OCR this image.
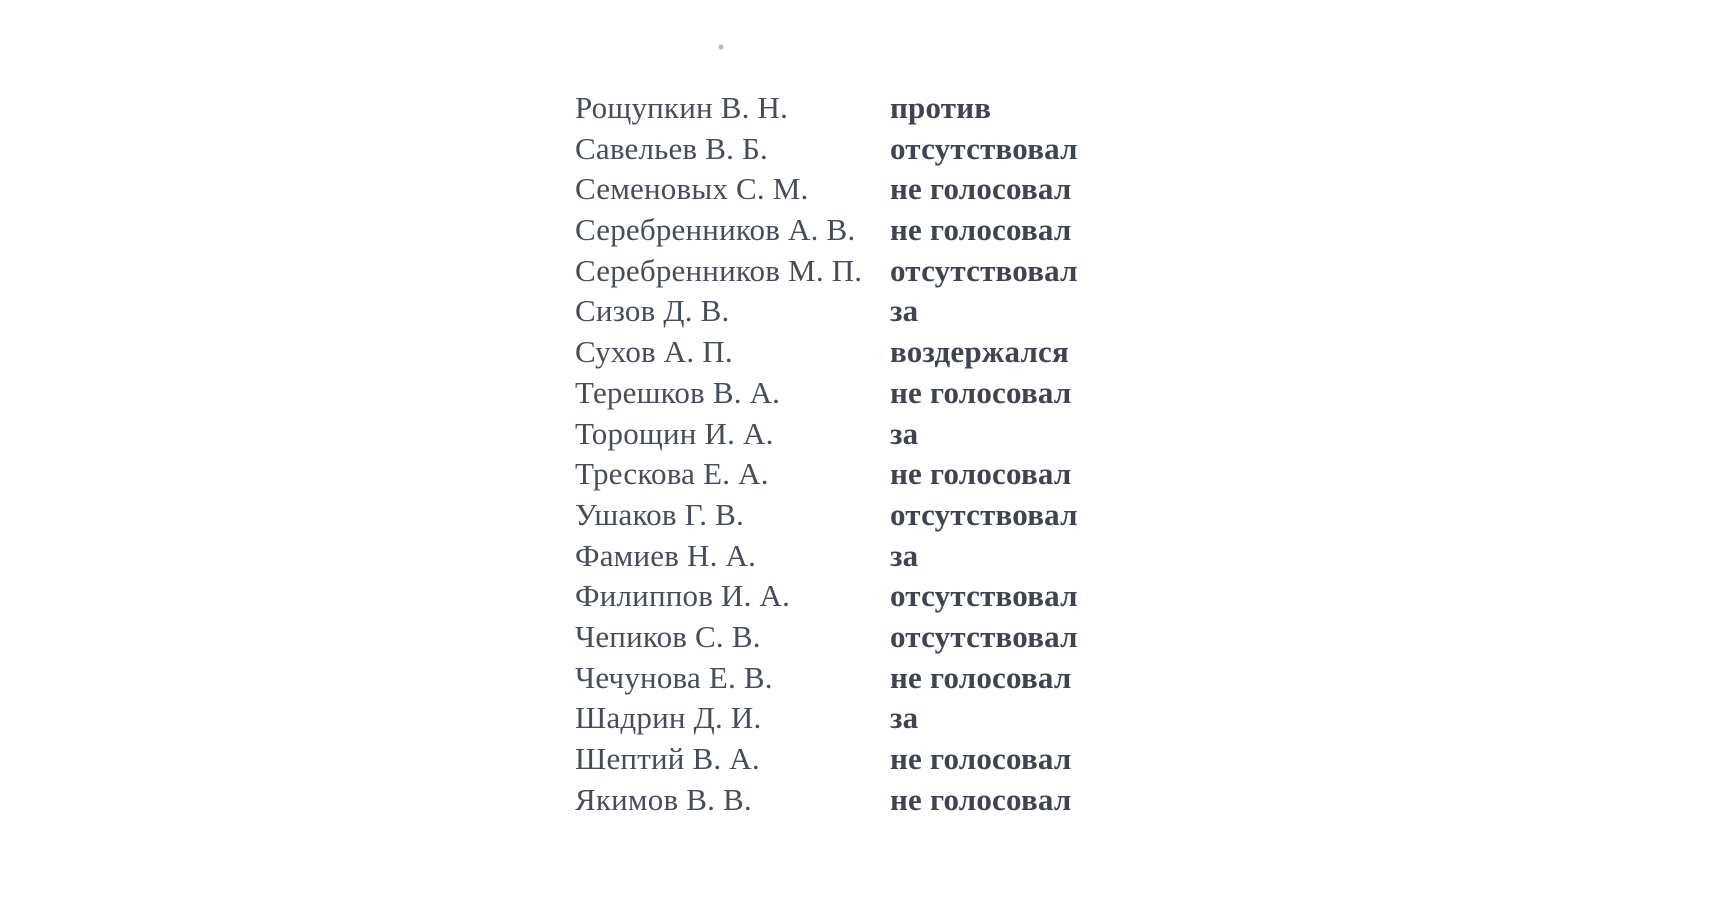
Рощупкин В. Н.	против
Савельев В. Б.	отсутствовал
Семеновых С. М.	не голосовал
Серебренников А. В.	не голосовал
Серебренников М. П. отсутствовал
Сизов Д. В.	за
Сухов А. П.	воздержался
Терешков В. А.	не голосовал
Торощин И. А.	за
Трескова Е. А.	не голосовал
Ушаков Г. В.	отсутствовал
Фамиев Н. А.	за
Филиппов И. А.	отсутствовал
Чепиков С. В.	отсутствовал
Чечунова Е. В.	не голосовал
Шадрин Д. И.	за
Шептий В. А.	не голосовал
Якимов В. В.	не голосовал
